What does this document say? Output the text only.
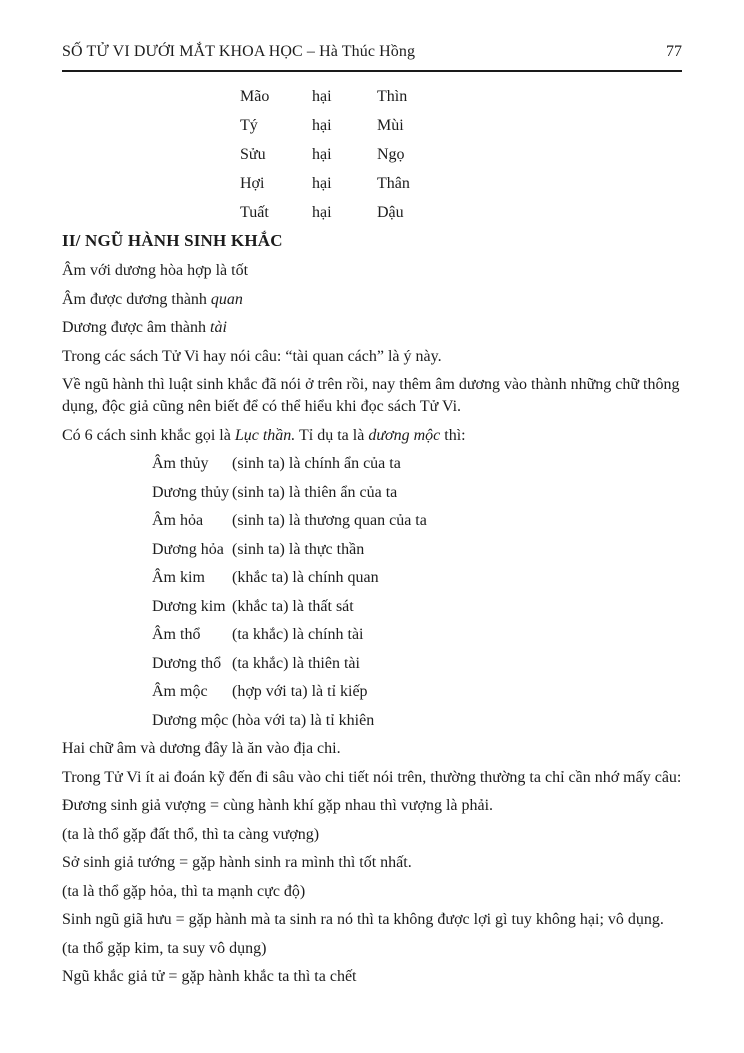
SỐ TỬ VI DƯỚI MẮT KHOA HỌC – Hà Thúc Hồng	77
Mão	hại	Thìn
Tý	hại	Mùi
Sửu	hại	Ngọ
Hợi	hại	Thân
Tuất	hại	Dậu
II/ NGŨ HÀNH SINH KHẮC

Âm với dương hòa hợp là tốt

Âm được dương thành quan

Dương được âm thành tài

Trong các sách Tử Vi hay nói câu: “tài quan cách” là ý này.

Về ngũ hành thì luật sinh khắc đã nói ở trên rồi, nay thêm âm dương vào thành những chữ thông
dụng, độc giả cũng nên biết để có thể hiểu khi đọc sách Tử Vi.

Có 6 cách sinh khắc gọi là Lục thần. Tỉ dụ ta là dương mộc thì:

Âm thủy	(sinh ta) là chính ẩn của ta
Dương thủy (sinh ta) là thiên ẩn của ta
Âm hỏa	(sinh ta) là thương quan của ta
Dương hỏa (sinh ta) là thực thần
Âm kim	(khắc ta) là chính quan
Dương kim (khắc ta) là thất sát
Âm thổ	(ta khắc) là chính tài
Dương thổ (ta khắc) là thiên tài
Âm mộc	(hợp với ta) là tỉ kiếp
Dương mộc (hòa với ta) là tỉ khiên

Hai chữ âm và dương đây là ăn vào địa chi.

Trong Tử Vi ít ai đoán kỹ đến đi sâu vào chi tiết nói trên, thường thường ta chỉ cần nhớ mấy câu:

Đương sinh giả vượng = cùng hành khí gặp nhau thì vượng là phải.

(ta là thổ gặp đất thổ, thì ta càng vượng)

Sở sinh giả tướng = gặp hành sinh ra mình thì tốt nhất.

(ta là thổ gặp hỏa, thì ta mạnh cực độ)

Sinh ngũ giã hưu = gặp hành mà ta sinh ra nó thì ta không được lợi gì tuy không hại; vô dụng.

(ta thổ gặp kim, ta suy vô dụng)

Ngũ khắc giả tử = gặp hành khắc ta thì ta chết
